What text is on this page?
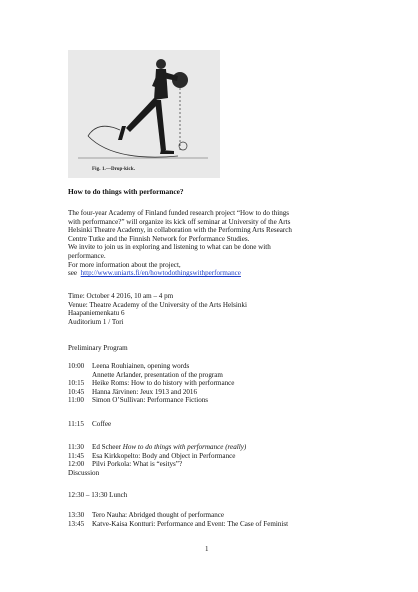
Fig. 1.—Drop-kick.
How to do things with performance?
The four-year Academy of Finland funded research project “How to do things
with performance?” will organize its kick off seminar at University of the Arts
Helsinki Theatre Academy, in collaboration with the Performing Arts Research
Centre Tutke and the Finnish Network for Performance Studies.
We invite to join us in exploring and listening to what can be done with
performance.
For more information about the project,
see http://www.uniarts.fi/en/howtodothingswithperformance
Time: October 4 2016, 10 am – 4 pm
Venue: Theatre Academy of the University of the Arts Helsinki
Haapaniemenkatu 6
Auditorium 1 / Tori
Preliminary Program
10:00 Leena Rouhiainen, opening words
Annette Arlander, presentation of the program
10:15 Heike Roms: How to do history with performance
10:45 Hanna Järvinen: Jeux 1913 and 2016
11:00 Simon O’Sullivan: Performance Fictions
11:15 Coffee
11:30 Ed Scheer How to do things with performance (really)
11:45 Esa Kirkkopelto: Body and Object in Performance
12:00 Pilvi Porkola: What is “esitys”?
Discussion
12:30 – 13:30 Lunch
13:30 Tero Nauha: Abridged thought of performance
13:45 Katve-Kaisa Kontturi: Performance and Event: The Case of Feminist
1
